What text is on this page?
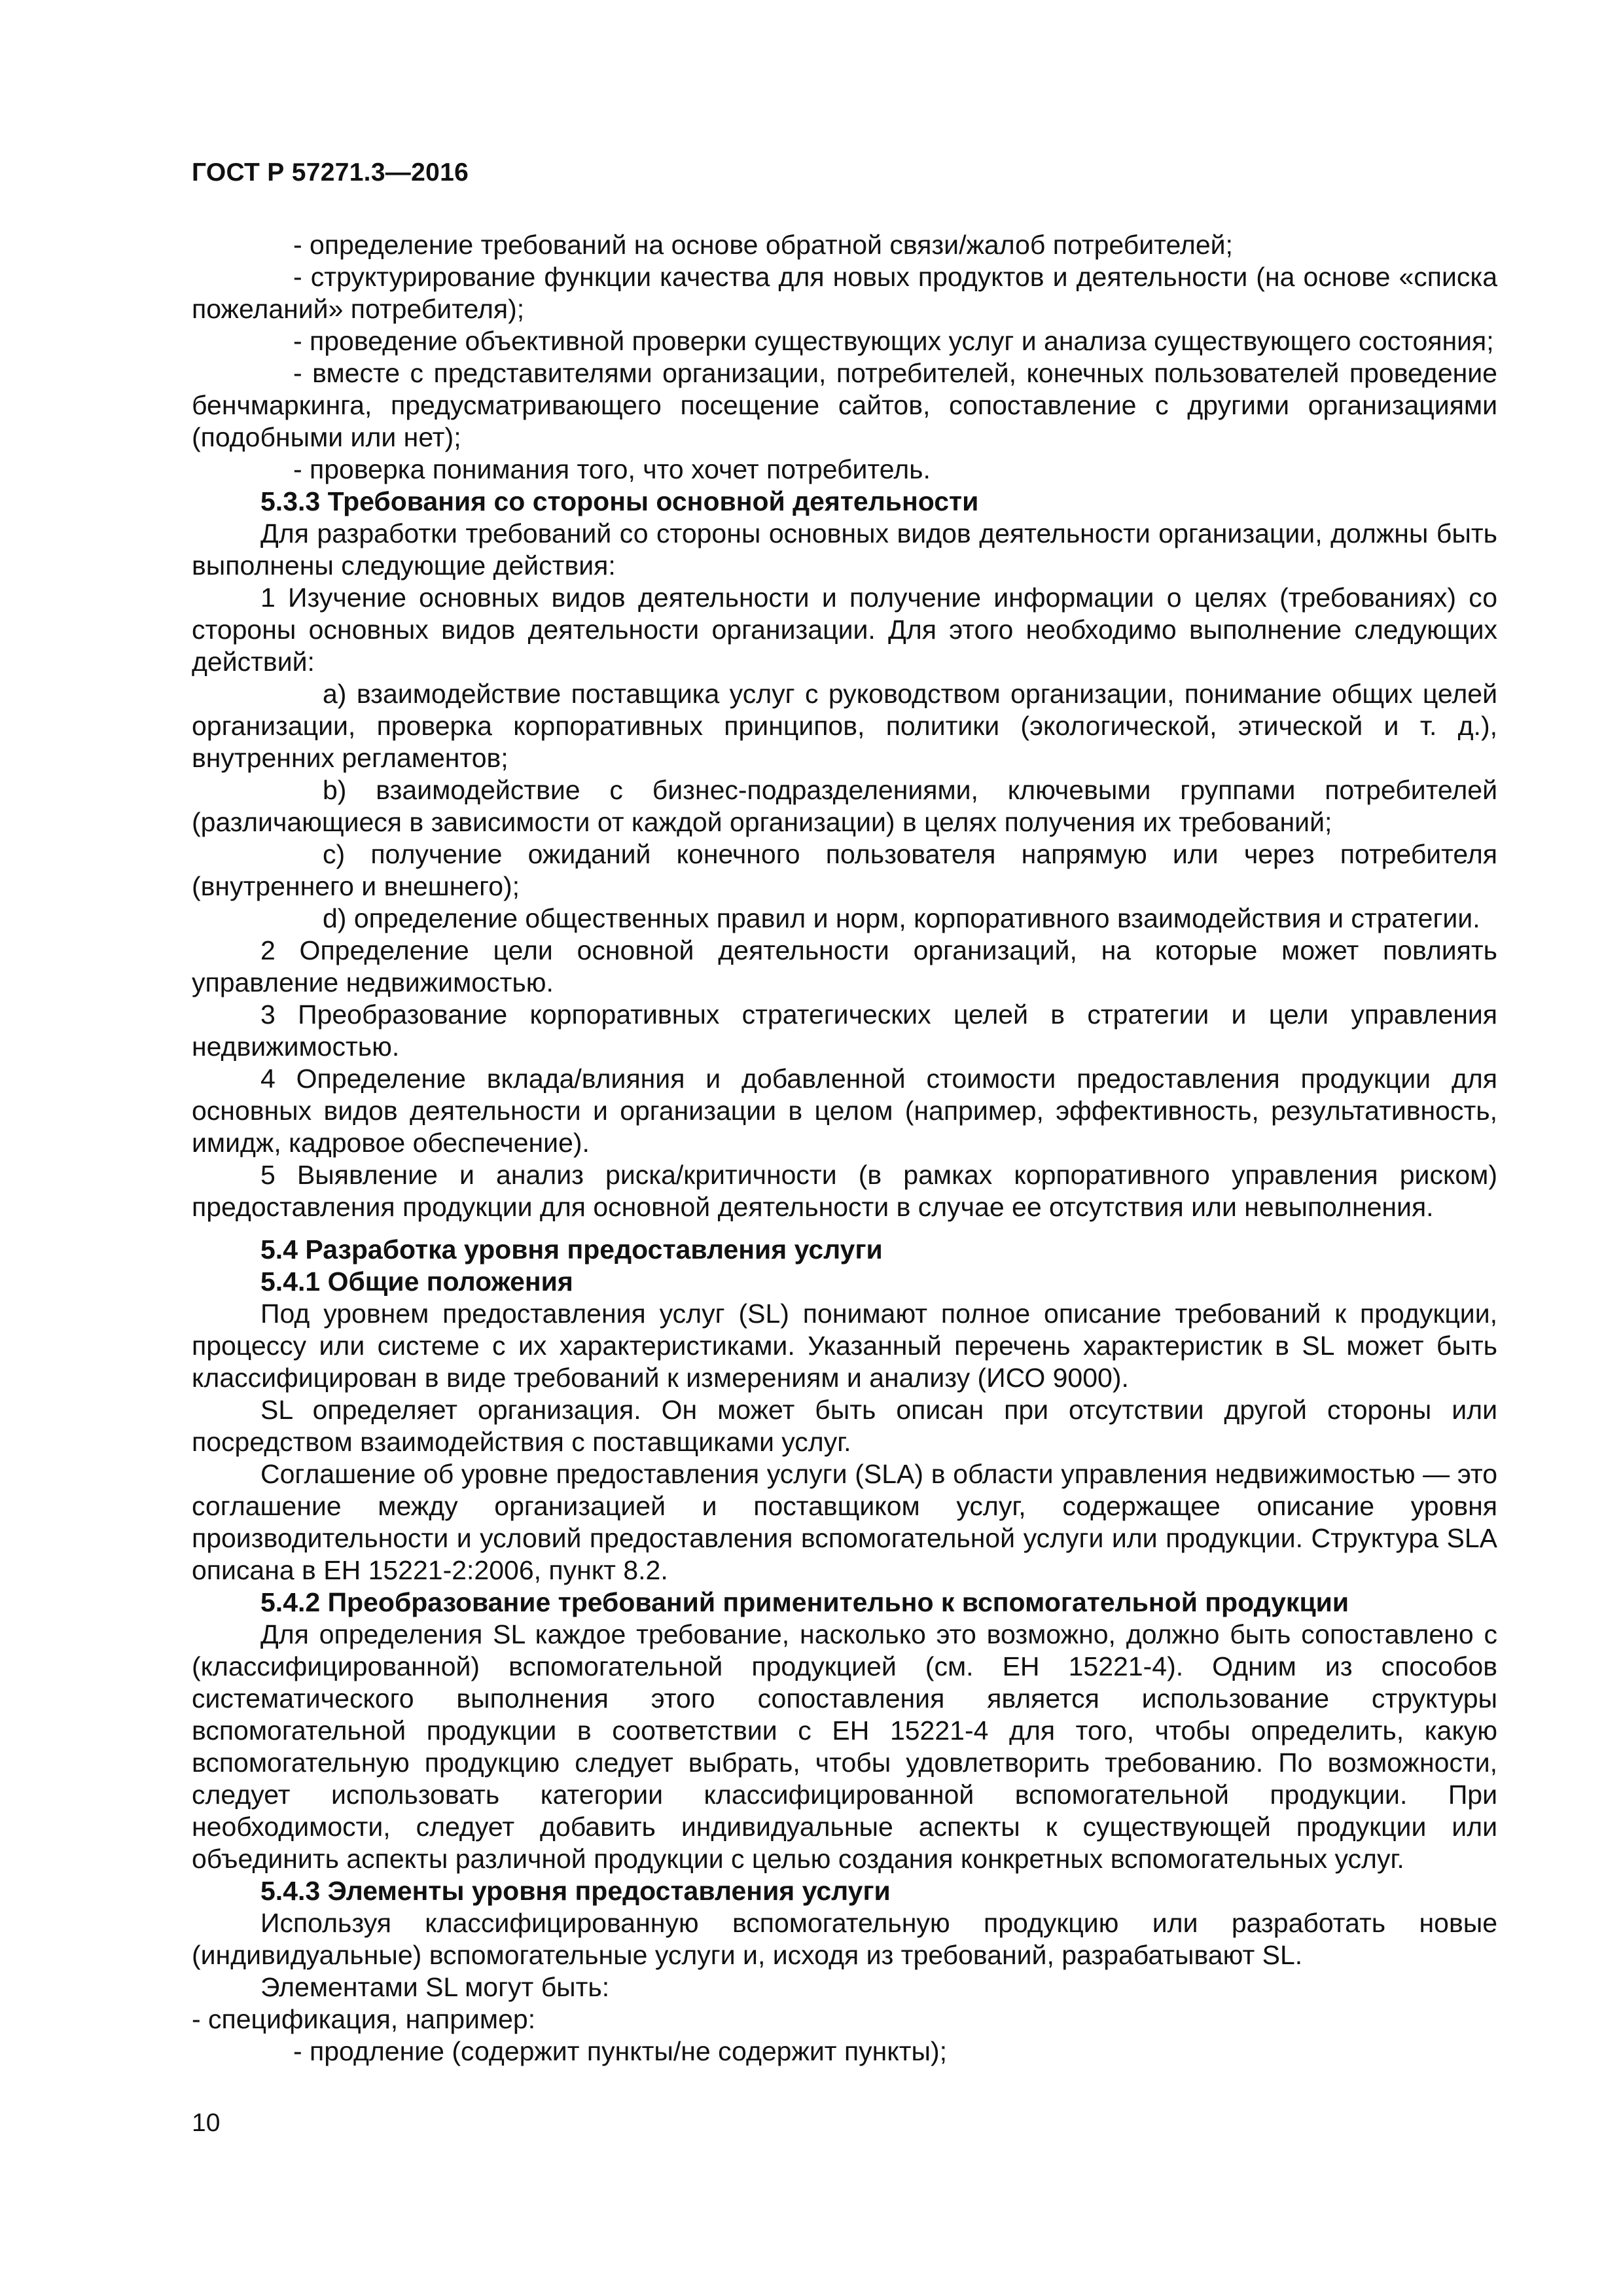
ГОСТ Р 57271.3—2016

- определение требований на основе обратной связи/жалоб потребителей;

- структурирование функции качества для новых продуктов и деятельности (на основе «списка пожеланий» потребителя);

- проведение объективной проверки существующих услуг и анализа существующего состояния;

- вместе с представителями организации, потребителей, конечных пользователей проведение бенчмаркинга, предусматривающего посещение сайтов, сопоставление с другими организациями (подобными или нет);

- проверка понимания того, что хочет потребитель.

5.3.3 Требования со стороны основной деятельности

Для разработки требований со стороны основных видов деятельности организации, должны быть выполнены следующие действия:

1 Изучение основных видов деятельности и получение информации о целях (требованиях) со стороны основных видов деятельности организации. Для этого необходимо выполнение следующих действий:

a) взаимодействие поставщика услуг с руководством организации, понимание общих целей организации, проверка корпоративных принципов, политики (экологической, этической и т. д.), внутренних регламентов;

b) взаимодействие с бизнес-подразделениями, ключевыми группами потребителей (различающиеся в зависимости от каждой организации) в целях получения их требований;

c) получение ожиданий конечного пользователя напрямую или через потребителя (внутреннего и внешнего);

d) определение общественных правил и норм, корпоративного взаимодействия и стратегии.

2 Определение цели основной деятельности организаций, на которые может повлиять управление недвижимостью.

3 Преобразование корпоративных стратегических целей в стратегии и цели управления недвижимостью.

4 Определение вклада/влияния и добавленной стоимости предоставления продукции для основных видов деятельности и организации в целом (например, эффективность, результативность, имидж, кадровое обеспечение).

5 Выявление и анализ риска/критичности (в рамках корпоративного управления риском) предоставления продукции для основной деятельности в случае ее отсутствия или невыполнения.

5.4 Разработка уровня предоставления услуги

5.4.1 Общие положения

Под уровнем предоставления услуг (SL) понимают полное описание требований к продукции, процессу или системе с их характеристиками. Указанный перечень характеристик в SL может быть классифицирован в виде требований к измерениям и анализу (ИСО 9000).

SL определяет организация. Он может быть описан при отсутствии другой стороны или посредством взаимодействия с поставщиками услуг.

Соглашение об уровне предоставления услуги (SLA) в области управления недвижимостью — это соглашение между организацией и поставщиком услуг, содержащее описание уровня производительности и условий предоставления вспомогательной услуги или продукции. Структура SLA описана в ЕН 15221-2:2006, пункт 8.2.

5.4.2 Преобразование требований применительно к вспомогательной продукции

Для определения SL каждое требование, насколько это возможно, должно быть сопоставлено с (классифицированной) вспомогательной продукцией (см. ЕН 15221-4). Одним из способов систематического выполнения этого сопоставления является использование структуры вспомогательной продукции в соответствии с ЕН 15221-4 для того, чтобы определить, какую вспомогательную продукцию следует выбрать, чтобы удовлетворить требованию. По возможности, следует использовать категории классифицированной вспомогательной продукции. При необходимости, следует добавить индивидуальные аспекты к существующей продукции или объединить аспекты различной продукции с целью создания конкретных вспомогательных услуг.

5.4.3 Элементы уровня предоставления услуги

Используя классифицированную вспомогательную продукцию или разработать новые (индивидуальные) вспомогательные услуги и, исходя из требований, разрабатывают SL.

Элементами SL могут быть:

- спецификация, например:

- продление (содержит пункты/не содержит пункты);

10
